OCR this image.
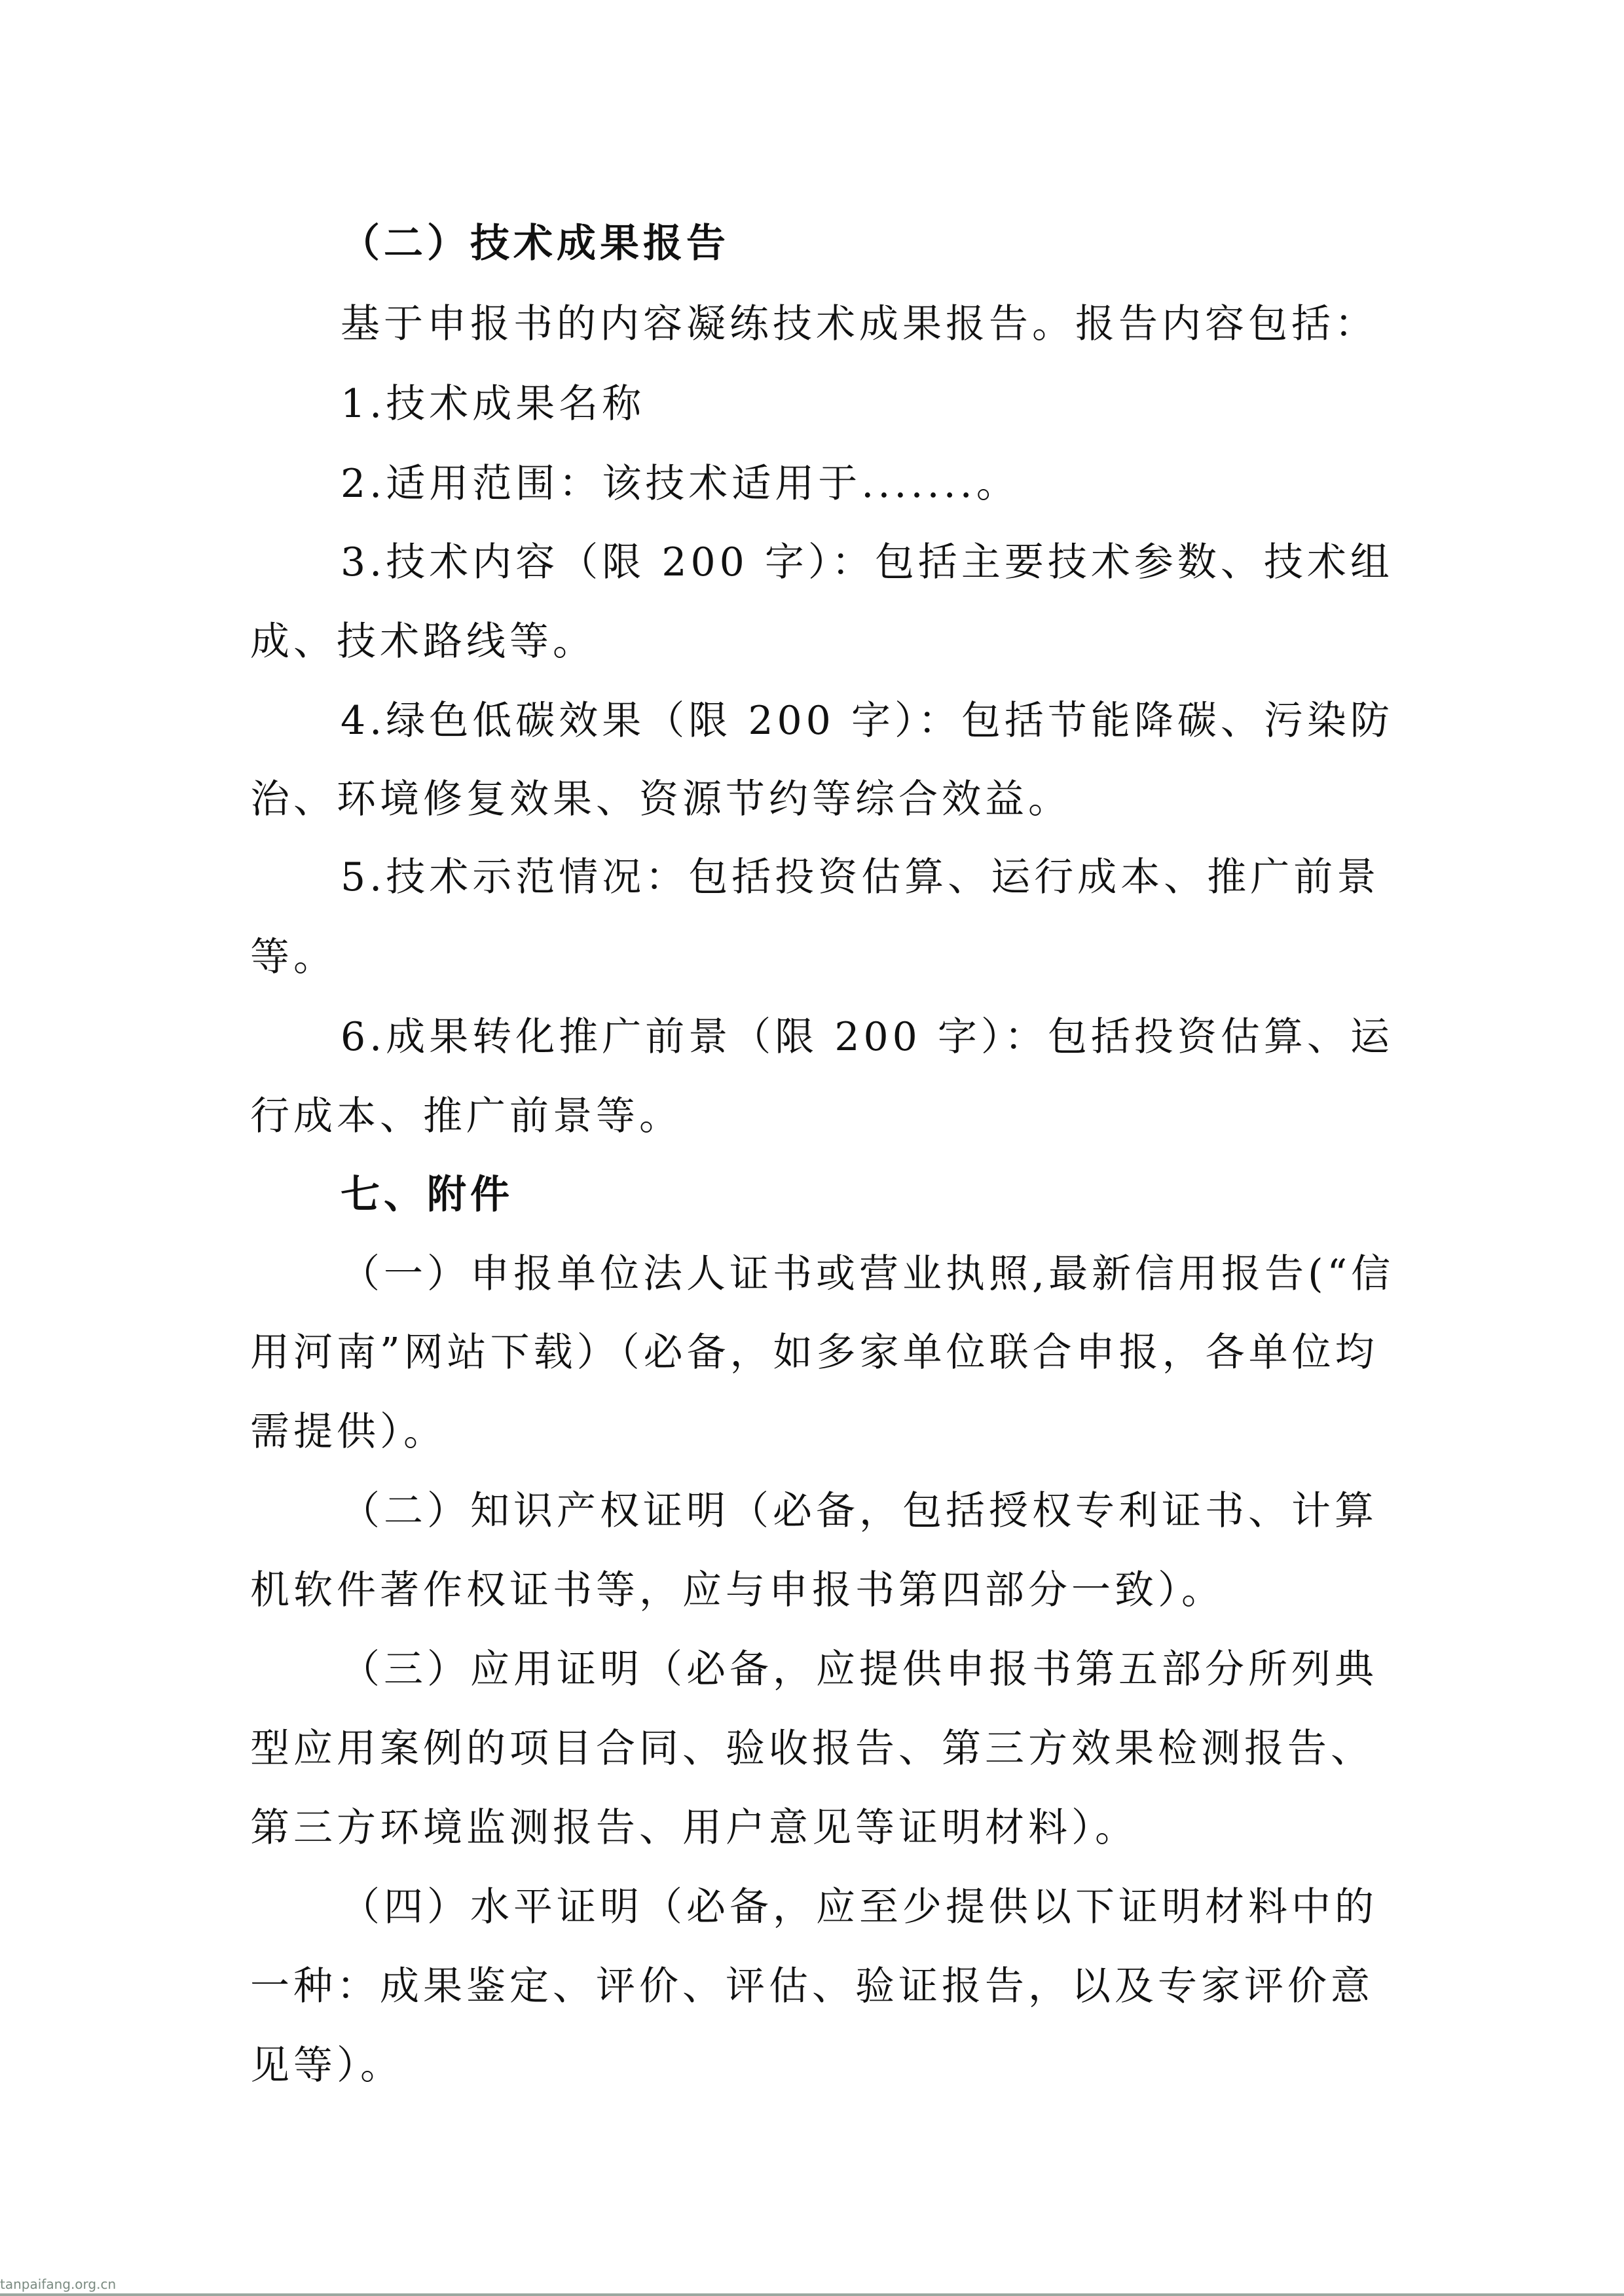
（二）技术成果报告

基于申报书的内容凝练技术成果报告。报告内容包括：

1.技术成果名称

2.适用范围：该技术适用于.......。

3.技术内容（限 200 字）：包括主要技术参数、技术组

成、技术路线等。

4.绿色低碳效果（限 200 字）：包括节能降碳、污染防

治、环境修复效果、资源节约等综合效益。

5.技术示范情况：包括投资估算、运行成本、推广前景

等。

6.成果转化推广前景（限 200 字）：包括投资估算、运

行成本、推广前景等。

七、附件

（一）申报单位法人证书或营业执照,最新信用报告(“信

用河南”网站下载）（必备，如多家单位联合申报，各单位均

需提供）。

（二）知识产权证明（必备，包括授权专利证书、计算

机软件著作权证书等，应与申报书第四部分一致）。

（三）应用证明（必备，应提供申报书第五部分所列典

型应用案例的项目合同、验收报告、第三方效果检测报告、

第三方环境监测报告、用户意见等证明材料）。

（四）水平证明（必备，应至少提供以下证明材料中的

一种：成果鉴定、评价、评估、验证报告，以及专家评价意

见等）。

tanpaifang.org.cn
